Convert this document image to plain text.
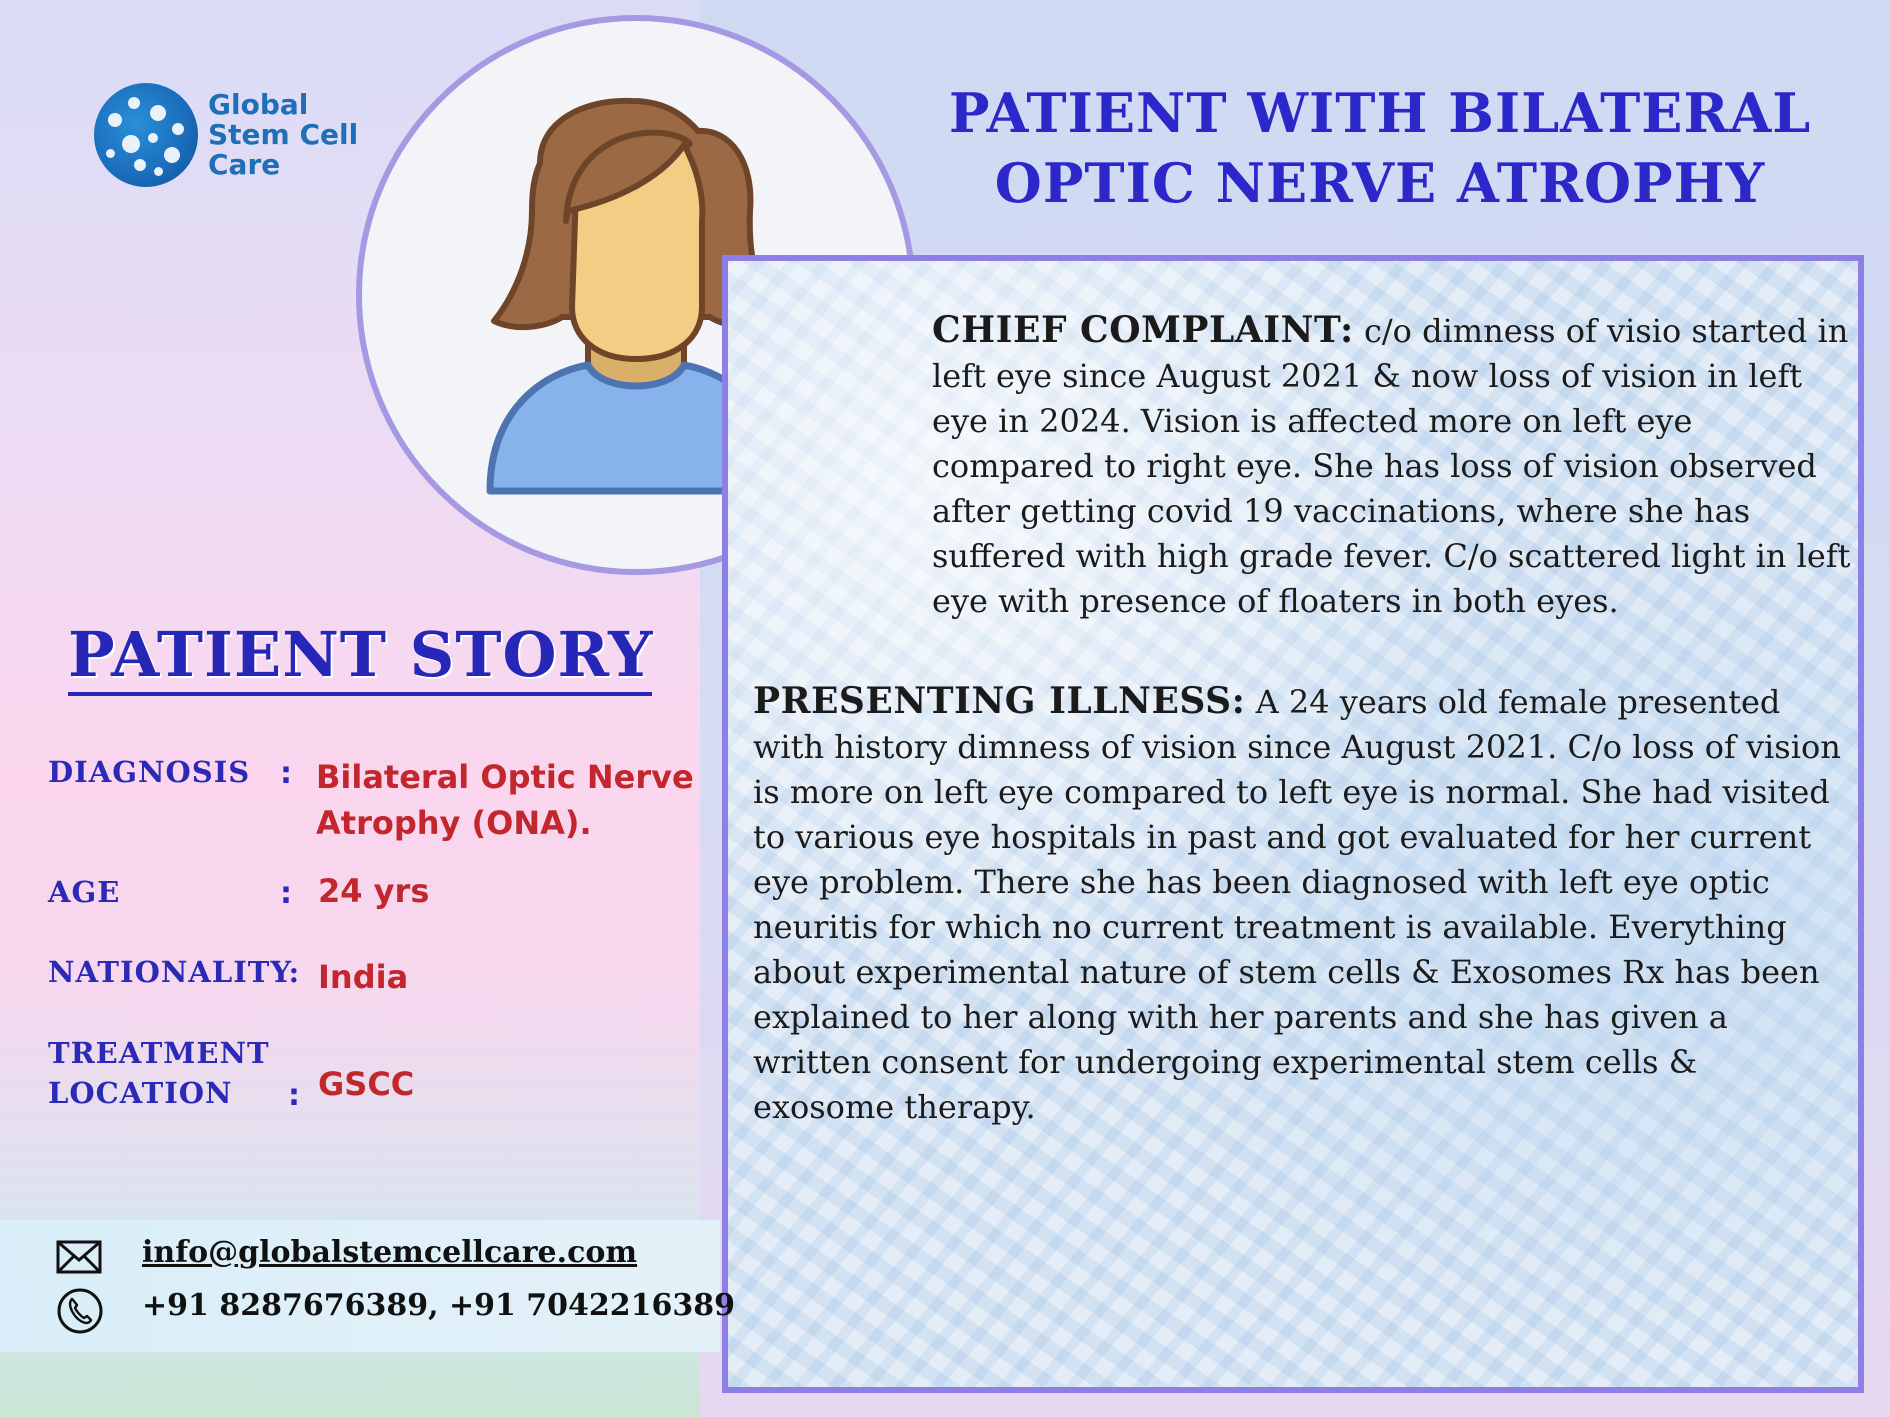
Global
Stem Cell
Care
PATIENT WITH BILATERAL
OPTIC NERVE ATROPHY
CHIEF COMPLAINT: c/o dimness of visio started in left eye since August 2021 & now loss of vision in left eye in 2024. Vision is affected more on left eye compared to right eye. She has loss of vision observed after getting covid 19 vaccinations, where she has suffered with high grade fever. C/o scattered light in left eye with presence of floaters in both eyes.
PRESENTING ILLNESS: A 24 years old female presented with history dimness of vision since August 2021. C/o loss of vision is more on left eye compared to left eye is normal. She had visited to various eye hospitals in past and got evaluated for her current eye problem. There she has been diagnosed with left eye optic neuritis for which no current treatment is available. Everything about experimental nature of stem cells & Exosomes Rx has been explained to her along with her parents and she has given a written consent for undergoing experimental stem cells & exosome therapy.
PATIENT STORY
DIAGNOSIS : Bilateral Optic Nerve
Atrophy (ONA).
AGE	: 24 yrs
NATIONALITY: India
TREATMENT
LOCATION	: GSCC
info@globalstemcellcare.com
+91 8287676389, +91 7042216389
